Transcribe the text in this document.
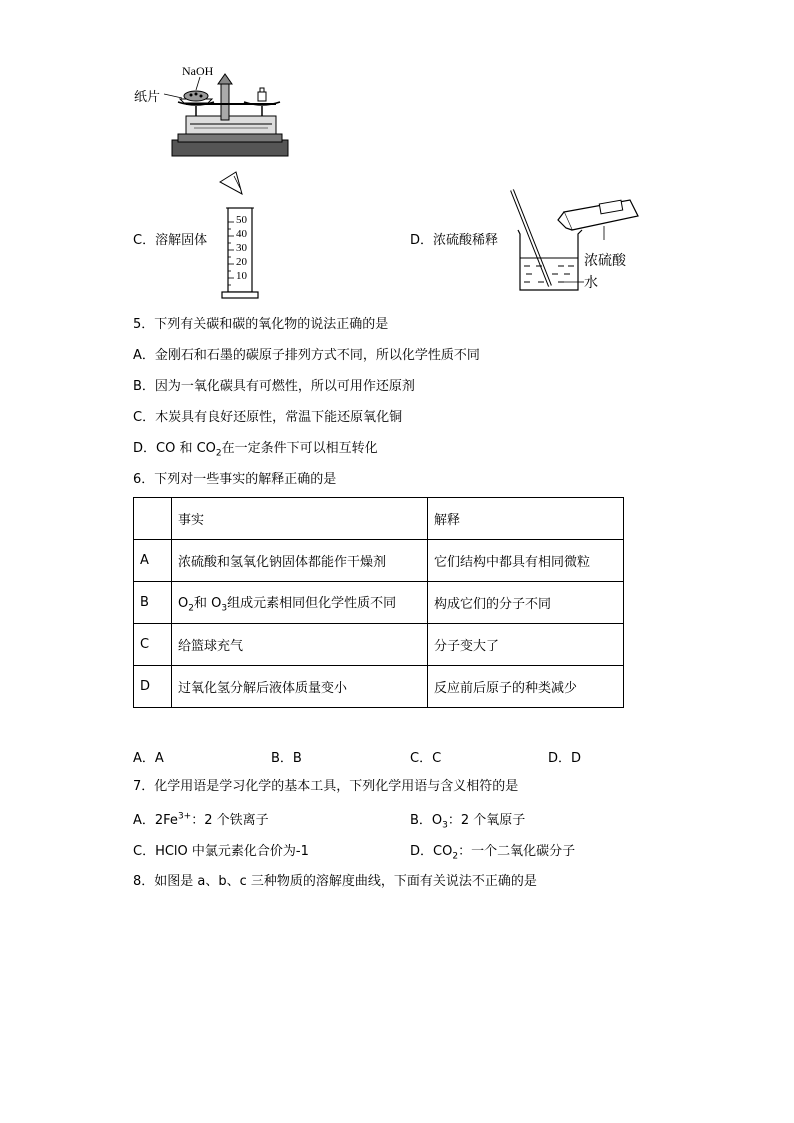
NaOH
纸片
C．溶解固体
50
40
30
20
10
D．浓硫酸稀释
浓硫酸
水
5．下列有关碳和碳的氧化物的说法正确的是
A．金刚石和石墨的碳原子排列方式不同，所以化学性质不同
B．因为一氧化碳具有可燃性，所以可用作还原剂
C．木炭具有良好还原性，常温下能还原氧化铜
D．CO 和 $CO_2$在一定条件下可以相互转化
6．下列对一些事实的解释正确的是
	事实	解释
A	浓硫酸和氢氧化钠固体都能作干燥剂	它们结构中都具有相同微粒
B	$O_2$和 $O_3$组成元素相同但化学性质不同	构成它们的分子不同
C	给篮球充气	分子变大了
D	过氧化氢分解后液体质量变小	反应前后原子的种类减少
A．A	B．B	C．C	D．D
7．化学用语是学习化学的基本工具，下列化学用语与含义相符的是
A．$2Fe^{3+}$：2 个铁离子	B．$O_3$：2 个氧原子
C．HClO 中氯元素化合价为-1	D．$CO_2$：一个二氧化碳分子
8．如图是 a、b、c 三种物质的溶解度曲线，下面有关说法不正确的是
